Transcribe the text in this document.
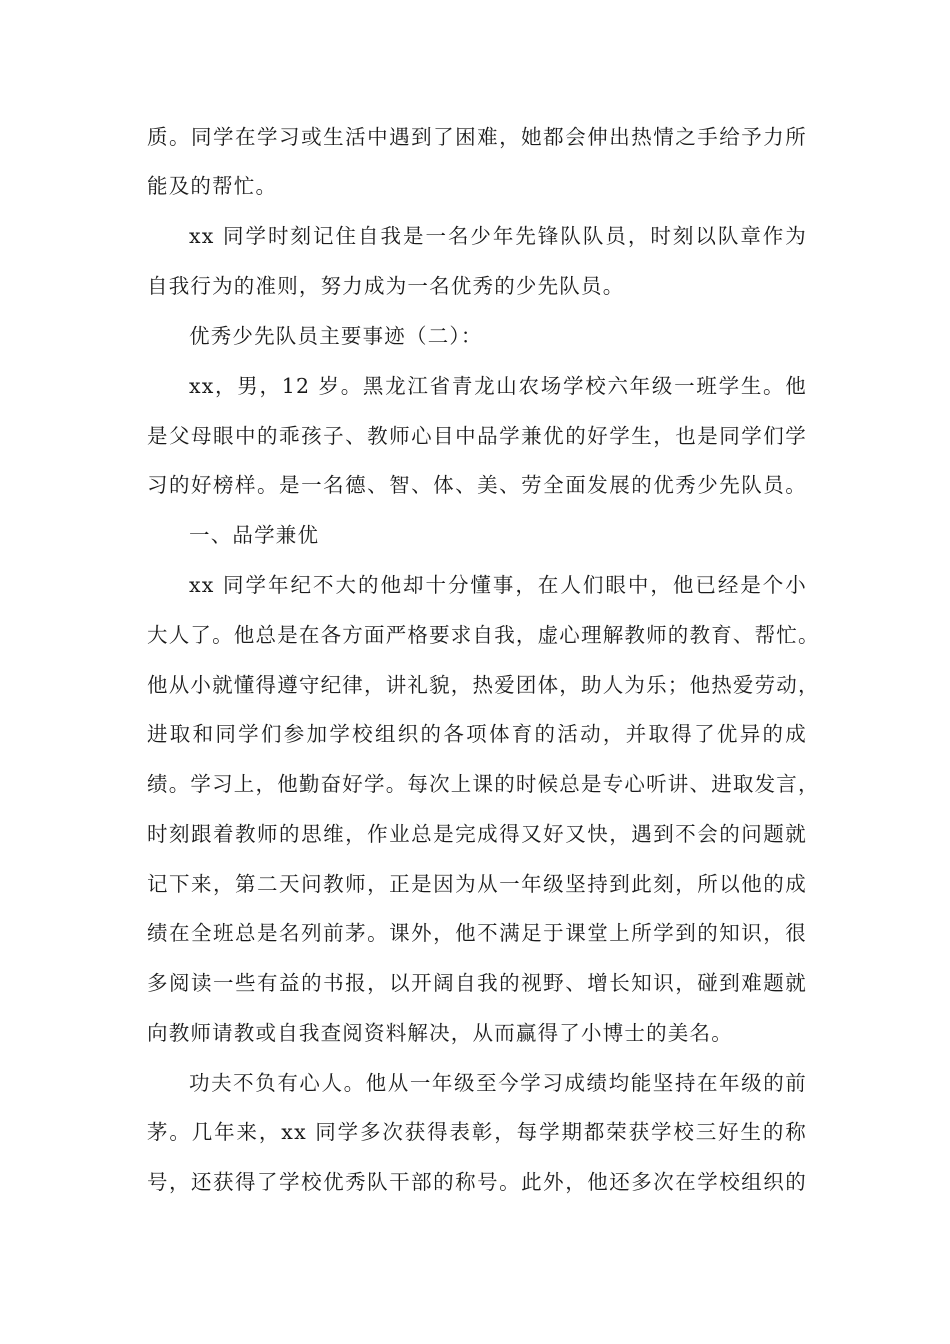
质。同学在学习或生活中遇到了困难，她都会伸出热情之手给予力所
能及的帮忙。
xx 同学时刻记住自我是一名少年先锋队队员，时刻以队章作为
自我行为的准则，努力成为一名优秀的少先队员。
优秀少先队员主要事迹（二）：
xx，男，12 岁。黑龙江省青龙山农场学校六年级一班学生。他
是父母眼中的乖孩子、教师心目中品学兼优的好学生，也是同学们学
习的好榜样。是一名德、智、体、美、劳全面发展的优秀少先队员。
一、品学兼优
xx 同学年纪不大的他却十分懂事，在人们眼中，他已经是个小
大人了。他总是在各方面严格要求自我，虚心理解教师的教育、帮忙。
他从小就懂得遵守纪律，讲礼貌，热爱团体，助人为乐；他热爱劳动，
进取和同学们参加学校组织的各项体育的活动，并取得了优异的成
绩。学习上，他勤奋好学。每次上课的时候总是专心听讲、进取发言，
时刻跟着教师的思维，作业总是完成得又好又快，遇到不会的问题就
记下来，第二天问教师，正是因为从一年级坚持到此刻，所以他的成
绩在全班总是名列前茅。课外，他不满足于课堂上所学到的知识，很
多阅读一些有益的书报，以开阔自我的视野、增长知识，碰到难题就
向教师请教或自我查阅资料解决，从而赢得了小博士的美名。
功夫不负有心人。他从一年级至今学习成绩均能坚持在年级的前
茅。几年来，xx 同学多次获得表彰，每学期都荣获学校三好生的称
号，还获得了学校优秀队干部的称号。此外，他还多次在学校组织的
